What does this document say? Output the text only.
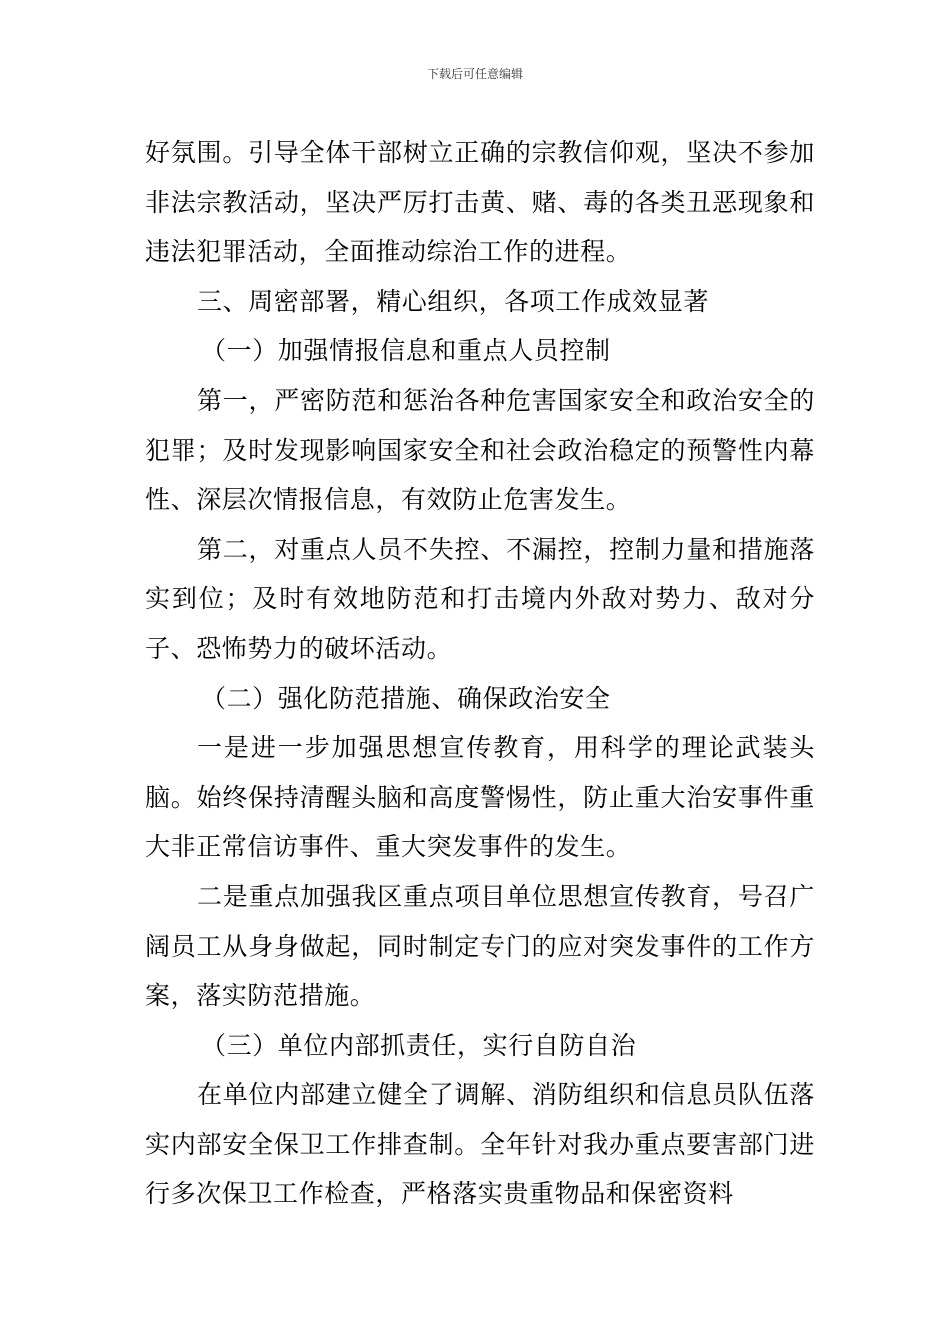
下载后可任意编辑

好氛围。引导全体干部树立正确的宗教信仰观，坚决不参加非法宗教活动，坚决严厉打击黄、赌、毒的各类丑恶现象和违法犯罪活动，全面推动综治工作的进程。

三、周密部署，精心组织，各项工作成效显著

（一）加强情报信息和重点人员控制

第一，严密防范和惩治各种危害国家安全和政治安全的犯罪；及时发现影响国家安全和社会政治稳定的预警性内幕性、深层次情报信息，有效防止危害发生。

第二，对重点人员不失控、不漏控，控制力量和措施落实到位；及时有效地防范和打击境内外敌对势力、敌对分子、恐怖势力的破坏活动。

（二）强化防范措施、确保政治安全

一是进一步加强思想宣传教育，用科学的理论武装头脑。始终保持清醒头脑和高度警惕性，防止重大治安事件重大非正常信访事件、重大突发事件的发生。

二是重点加强我区重点项目单位思想宣传教育，号召广阔员工从身身做起，同时制定专门的应对突发事件的工作方案，落实防范措施。

（三）单位内部抓责任，实行自防自治

在单位内部建立健全了调解、消防组织和信息员队伍落实内部安全保卫工作排查制。全年针对我办重点要害部门进行多次保卫工作检查，严格落实贵重物品和保密资料
